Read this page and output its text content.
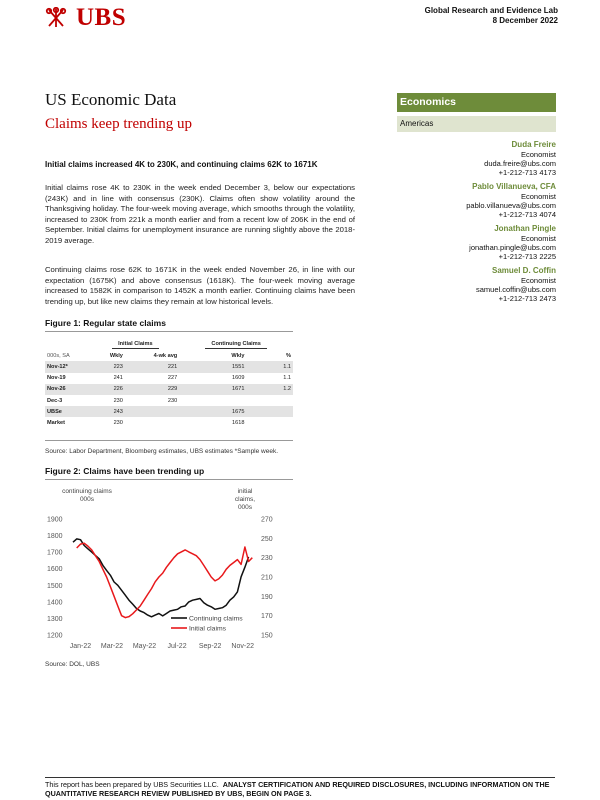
UBS	Global Research and Evidence Lab
8 December 2022
US Economic Data
Claims keep trending up
Economics
Americas
Duda Freire
Economist
duda.freire@ubs.com
+1-212-713 4173
Pablo Villanueva, CFA
Economist
pablo.villanueva@ubs.com
+1-212-713 4074
Jonathan Pingle
Economist
jonathan.pingle@ubs.com
+1-212-713 2225
Samuel D. Coffin
Economist
samuel.coffin@ubs.com
+1-212-713 2473
Initial claims increased 4K to 230K, and continuing claims 62K to 1671K

Initial claims rose 4K to 230K in the week ended December 3, below our expectations (243K) and in line with consensus (230K). Claims often show volatility around the Thanksgiving holiday. The four-week moving average, which smooths through the volatility, increased to 230K from 221k a month earlier and from a recent low of 206K in the end of September. Initial claims for unemployment insurance are running slightly above the 2018-2019 average.

Continuing claims rose 62K to 1671K in the week ended November 26, in line with our expectation (1675K) and above consensus (1618K). The four-week moving average increased to 1582K in comparison to 1452K a month earlier. Continuing claims have been trending up, but like new claims they remain at low historical levels.

Figure 1: Regular state claims
	Initial Claims		Continuing Claims	
000s, SA	Wkly	4-wk avg	Wkly	%
Nov-12*	223	221	1551	1.1
Nov-19	241	227	1609	1.1
Nov-26	226	229	1671	1.2
Dec-3	230	230		
UBSe	243		1675	
Market	230		1618	
Source: Labor Department, Bloomberg estimates, UBS estimates *Sample week.
Figure 2: Claims have been trending up
continuing claims
000s
initial
claims,
000s
1900
1800
1700
1600
1500
1400
1300
1200
270
250
230
210
190
170
150
Jan-22 Mar-22 May-22 Jul-22 Sep-22 Nov-22
Continuing claims
Initial claims
Source: DOL, UBS
This report has been prepared by UBS Securities LLC. ANALYST CERTIFICATION AND REQUIRED DISCLOSURES, INCLUDING INFORMATION ON THE QUANTITATIVE RESEARCH REVIEW PUBLISHED BY UBS, BEGIN ON PAGE 3.
